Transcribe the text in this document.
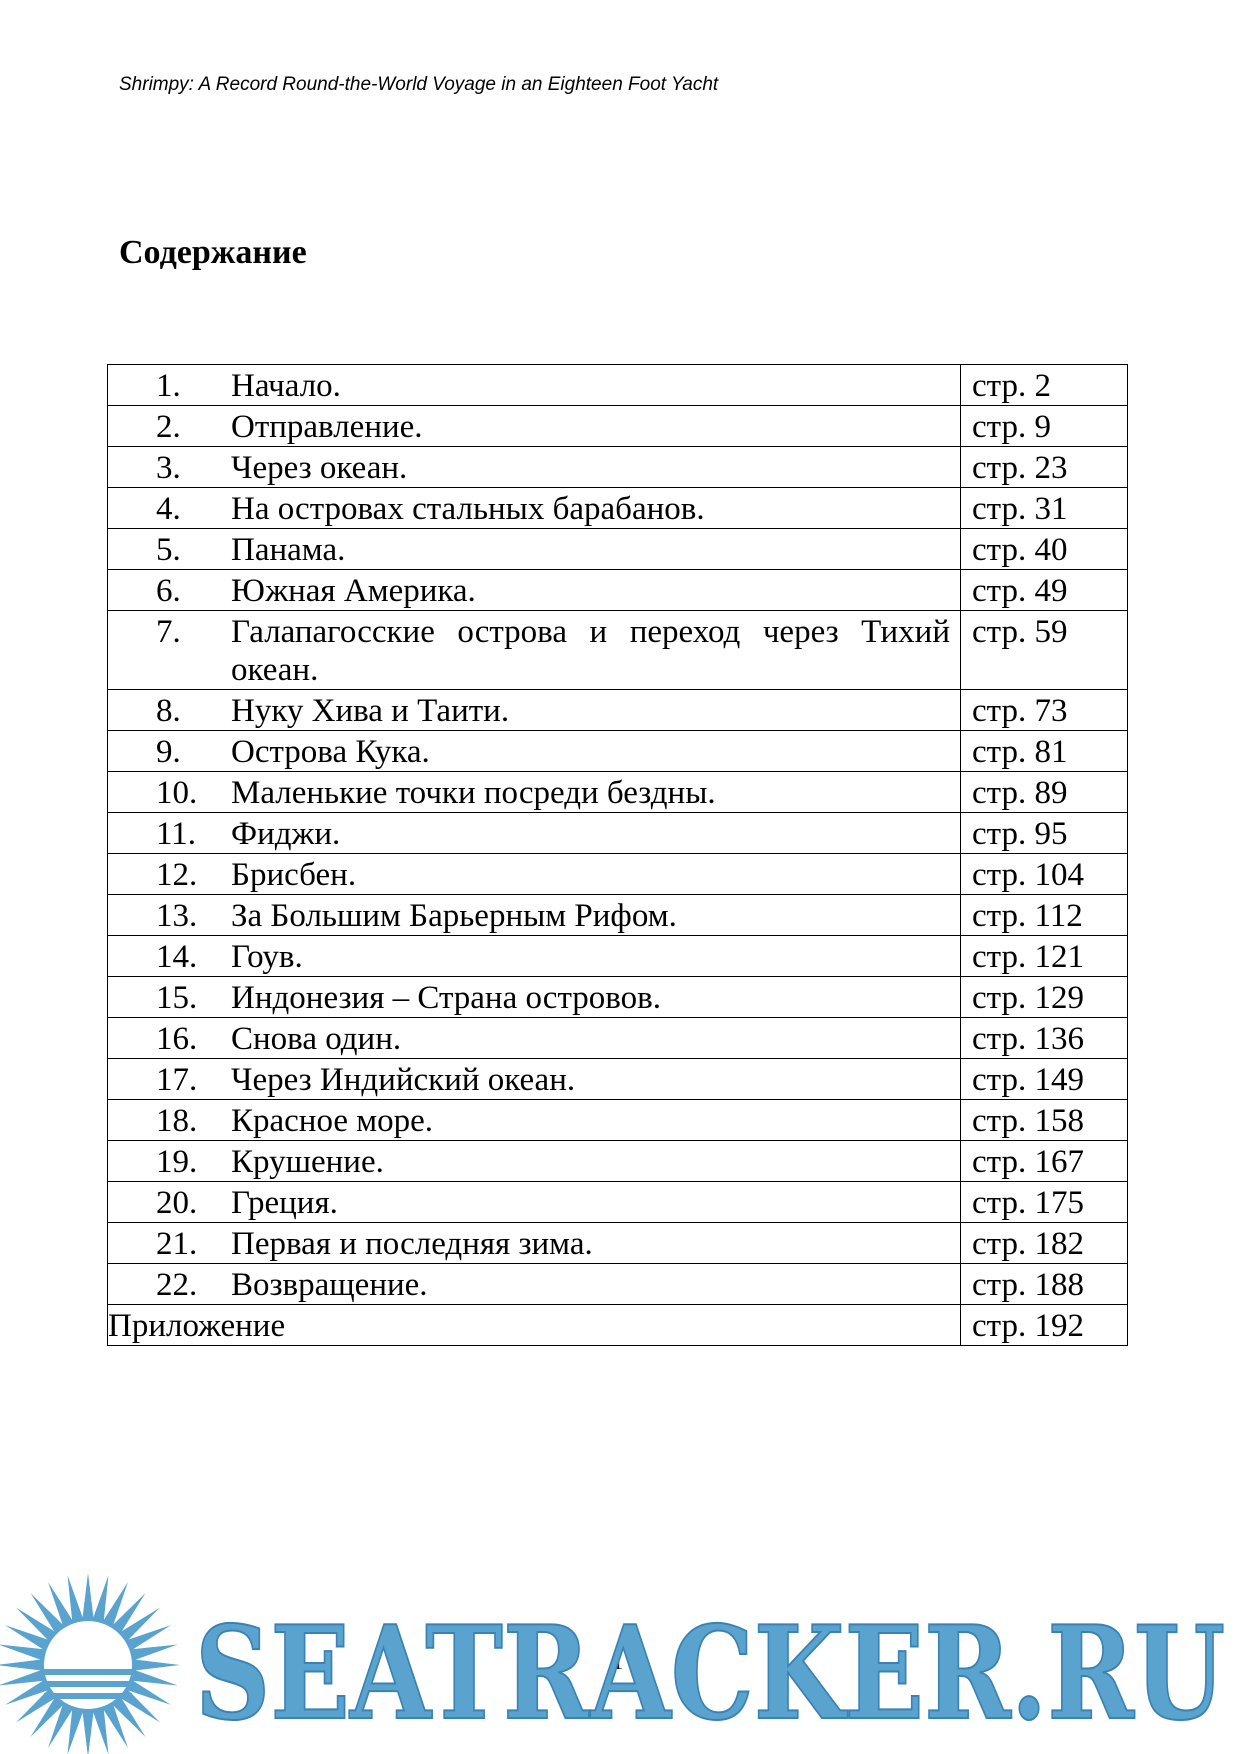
Shrimpy: A Record Round-the-World Voyage in an Eighteen Foot Yacht
Содержание
1. Начало.	стр. 2

2. Отправление.	стр. 9

3. Через океан.	стр. 23

4. На островах стальных барабанов.	стр. 31

5. Панама.	стр. 40

6. Южная Америка.	стр. 49

7. Галапагосские острова и переход через Тихий океан.	стр. 59

8. Нуку Хива и Таити.	стр. 73

9. Острова Кука.	стр. 81

10. Маленькие точки посреди бездны.	стр. 89

11. Фиджи.	стр. 95

12. Брисбен.	стр. 104

13. За Большим Барьерным Рифом.	стр. 112

14. Гоув.	стр. 121

15. Индонезия – Страна островов.	стр. 129

16. Снова один.	стр. 136

17. Через Индийский океан.	стр. 149

18. Красное море.	стр. 158

19. Крушение.	стр. 167

20. Греция.	стр. 175

21. Первая и последняя зима.	стр. 182

22. Возвращение.	стр. 188
Приложение	стр. 192
1
SEATRACKER.RU
